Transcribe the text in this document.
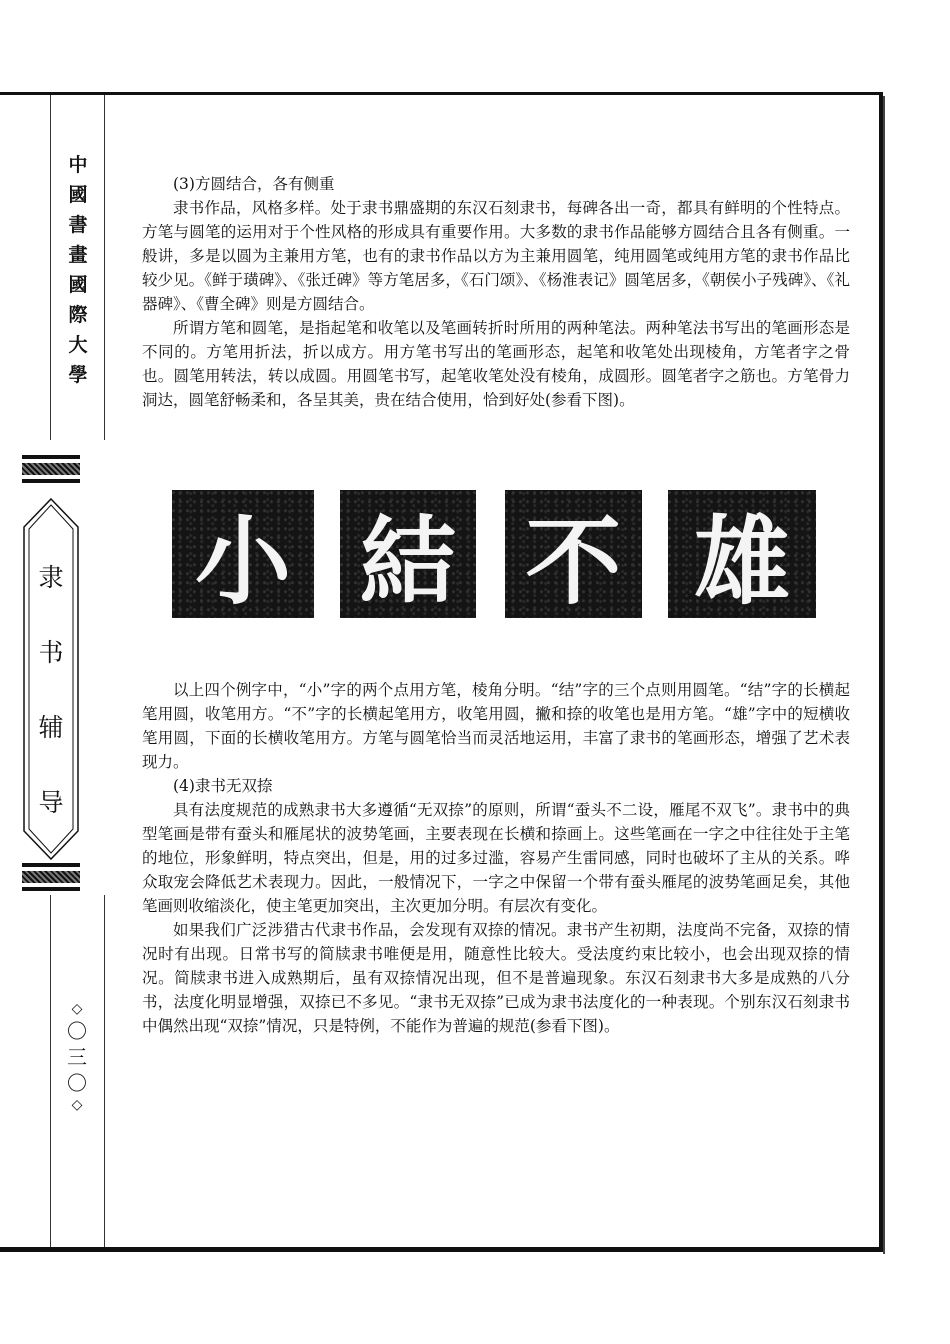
中
國
書
畫
國
際
大
學
隶
书
辅
导
◇
〇
三
〇
◇

(3)方圆结合，各有侧重

隶书作品，风格多样。处于隶书鼎盛期的东汉石刻隶书，每碑各出一奇，都具有鲜明的个性特点。方笔与圆笔的运用对于个性风格的形成具有重要作用。大多数的隶书作品能够方圆结合且各有侧重。一般讲，多是以圆为主兼用方笔，也有的隶书作品以方为主兼用圆笔，纯用圆笔或纯用方笔的隶书作品比较少见。《鲜于璜碑》、《张迁碑》等方笔居多，《石门颂》、《杨淮表记》圆笔居多，《朝侯小子残碑》、《礼器碑》、《曹全碑》则是方圆结合。

所谓方笔和圆笔，是指起笔和收笔以及笔画转折时所用的两种笔法。两种笔法书写出的笔画形态是不同的。方笔用折法，折以成方。用方笔书写出的笔画形态，起笔和收笔处出现棱角，方笔者字之骨也。圆笔用转法，转以成圆。用圆笔书写，起笔收笔处没有棱角，成圆形。圆笔者字之筋也。方笔骨力洞达，圆笔舒畅柔和，各呈其美，贵在结合使用，恰到好处(参看下图)。

小 結 不 雄

以上四个例字中，“小”字的两个点用方笔，棱角分明。“结”字的三个点则用圆笔。“结”字的长横起笔用圆，收笔用方。“不”字的长横起笔用方，收笔用圆，撇和捺的收笔也是用方笔。“雄”字中的短横收笔用圆，下面的长横收笔用方。方笔与圆笔恰当而灵活地运用，丰富了隶书的笔画形态，增强了艺术表现力。

(4)隶书无双捺

具有法度规范的成熟隶书大多遵循“无双捺”的原则，所谓“蚕头不二设，雁尾不双飞”。隶书中的典型笔画是带有蚕头和雁尾状的波势笔画，主要表现在长横和捺画上。这些笔画在一字之中往往处于主笔的地位，形象鲜明，特点突出，但是，用的过多过滥，容易产生雷同感，同时也破坏了主从的关系。哗众取宠会降低艺术表现力。因此，一般情况下，一字之中保留一个带有蚕头雁尾的波势笔画足矣，其他笔画则收缩淡化，使主笔更加突出，主次更加分明。有层次有变化。

如果我们广泛涉猎古代隶书作品，会发现有双捺的情况。隶书产生初期，法度尚不完备，双捺的情况时有出现。日常书写的简牍隶书唯便是用，随意性比较大。受法度约束比较小，也会出现双捺的情况。简牍隶书进入成熟期后，虽有双捺情况出现，但不是普遍现象。东汉石刻隶书大多是成熟的八分书，法度化明显增强，双捺已不多见。“隶书无双捺”已成为隶书法度化的一种表现。个别东汉石刻隶书中偶然出现“双捺”情况，只是特例，不能作为普遍的规范(参看下图)。
